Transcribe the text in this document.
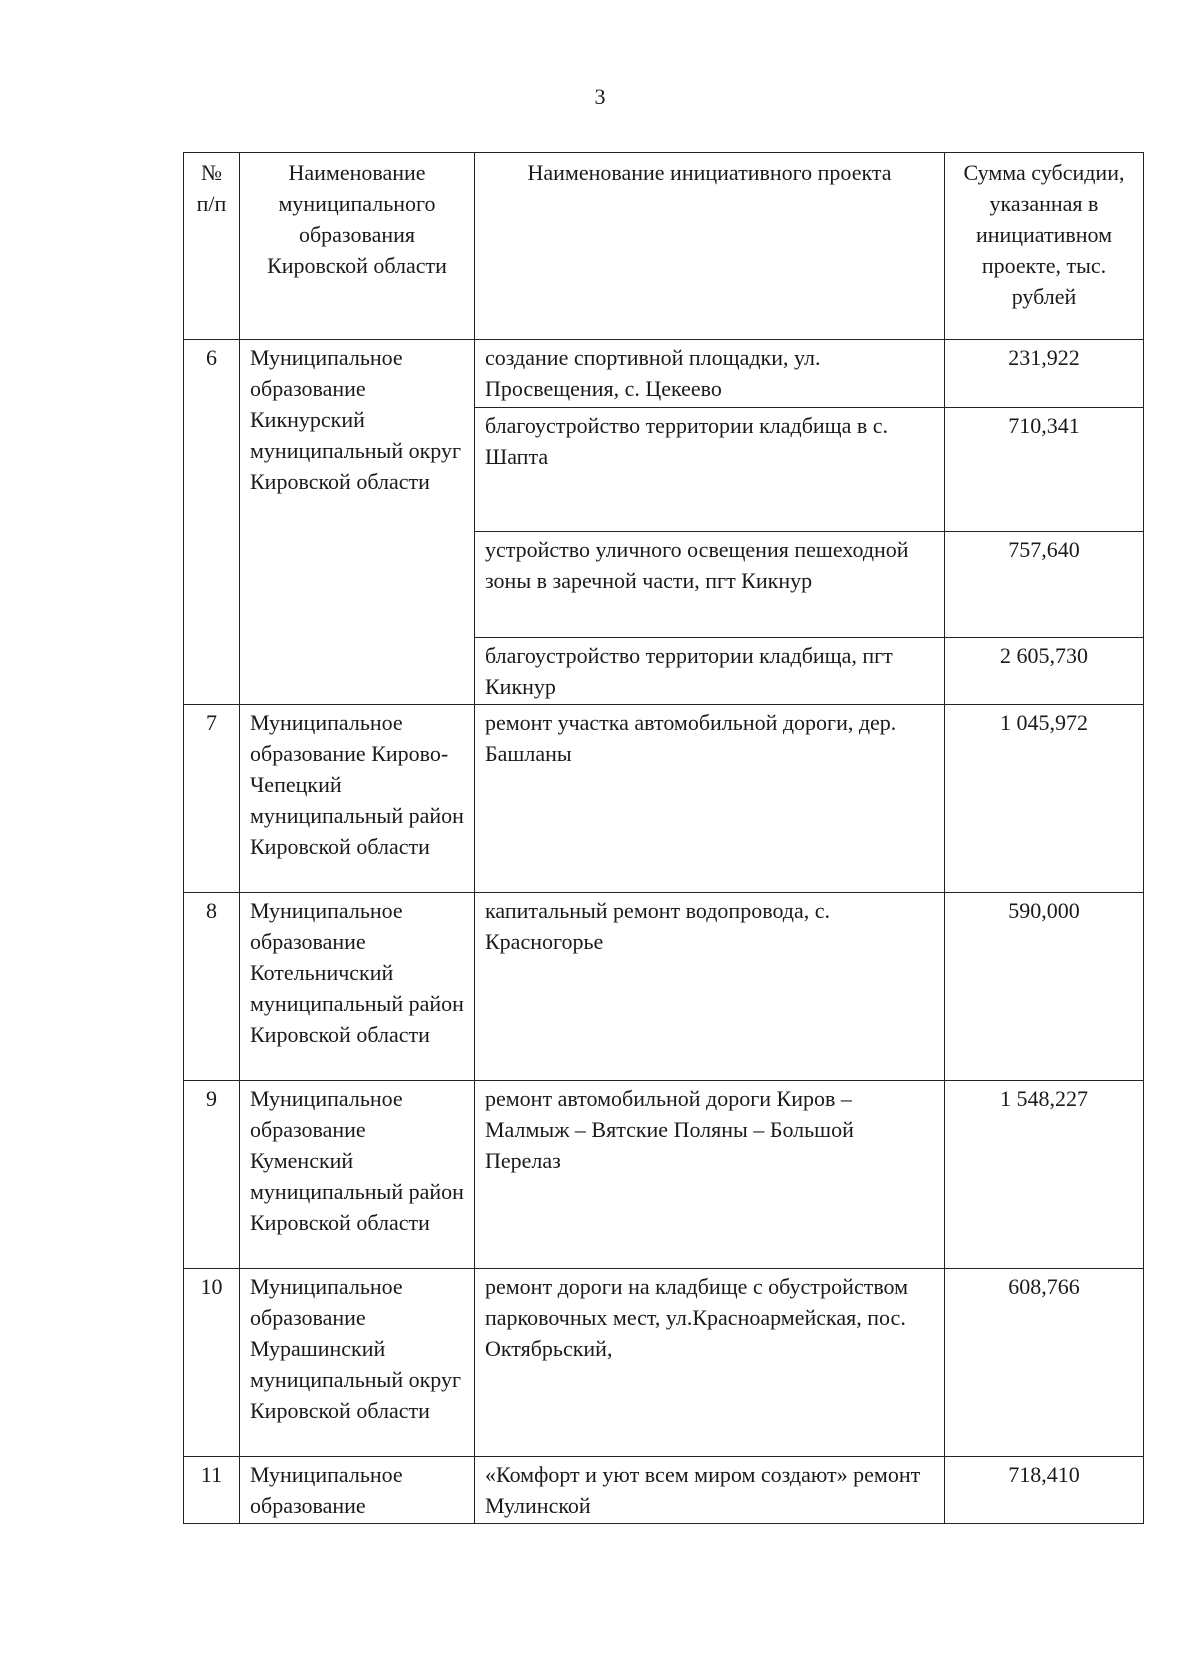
3
№ п/п	Наименование муниципального образования Кировской области	Наименование инициативного проекта	Сумма субсидии, указанная в инициативном проекте, тыс. рублей
6	Муниципальное образование Кикнурский муниципальный округ Кировской области	создание спортивной площадки, ул. Просвещения, с. Цекеево	231,922
		благоустройство территории кладбища в с. Шапта	710,341
		устройство уличного освещения пешеходной зоны в заречной части, пгт Кикнур	757,640
		благоустройство территории кладбища, пгт Кикнур	2 605,730
7	Муниципальное образование Кирово-Чепецкий муниципальный район Кировской области	ремонт участка автомобильной дороги, дер. Башланы	1 045,972
8	Муниципальное образование Котельничский муниципальный район Кировской области	капитальный ремонт водопровода, с. Красногорье	590,000
9	Муниципальное образование Куменский муниципальный район Кировской области	ремонт автомобильной дороги Киров – Малмыж – Вятские Поляны – Большой Перелаз	1 548,227
10	Муниципальное образование Мурашинский муниципальный округ Кировской области	ремонт дороги на кладбище с обустройством парковочных мест, ул.Красноармейская, пос. Октябрьский,	608,766
11	Муниципальное образование	«Комфорт и уют всем миром создают» ремонт Мулинской	718,410
